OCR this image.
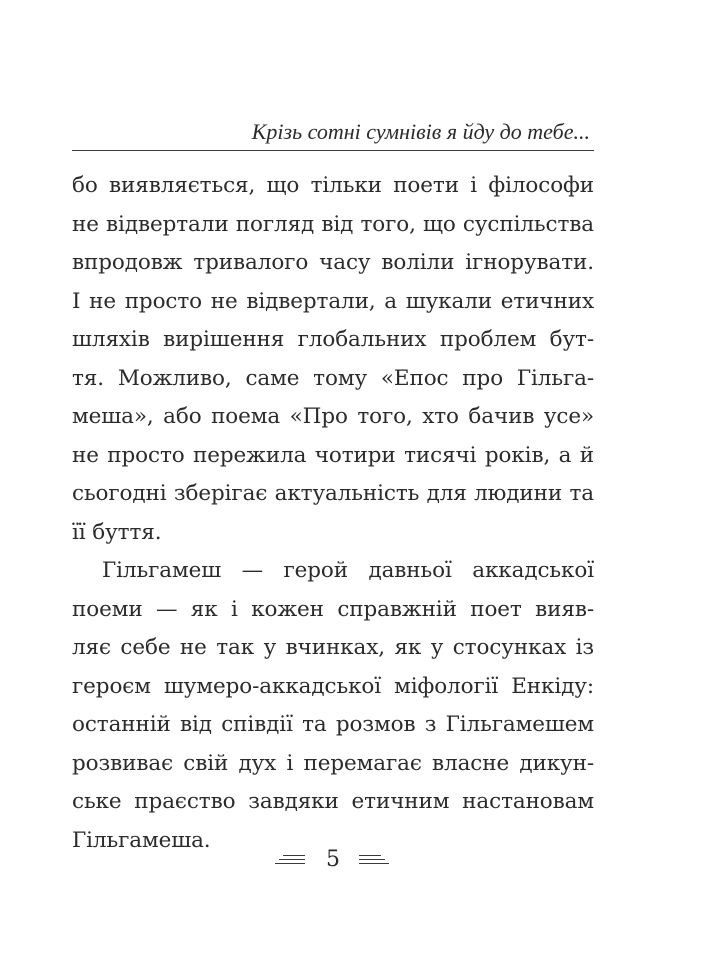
Крізь сотні сумнівів я йду до тебе...
бо виявляється, що тільки поети і філософи
не відвертали погляд від того, що суспільства
впродовж тривалого часу воліли ігнорувати.
І не просто не відвертали, а шукали етичних
шляхів вирішення глобальних проблем бут-
тя. Можливо, саме тому «Епос про Гільга-
меша», або поема «Про того, хто бачив усе»
не просто пережила чотири тисячі років, а й
сьогодні зберігає актуальність для людини та
її буття.
Гільгамеш — герой давньої аккадської
поеми — як і кожен справжній поет вияв-
ляє себе не так у вчинках, як у стосунках із
героєм шумеро-аккадської міфології Енкіду:
останній від співдії та розмов з Гільгамешем
розвиває свій дух і перемагає власне дикун-
ське праєство завдяки етичним настановам
Гільгамеша.
5
